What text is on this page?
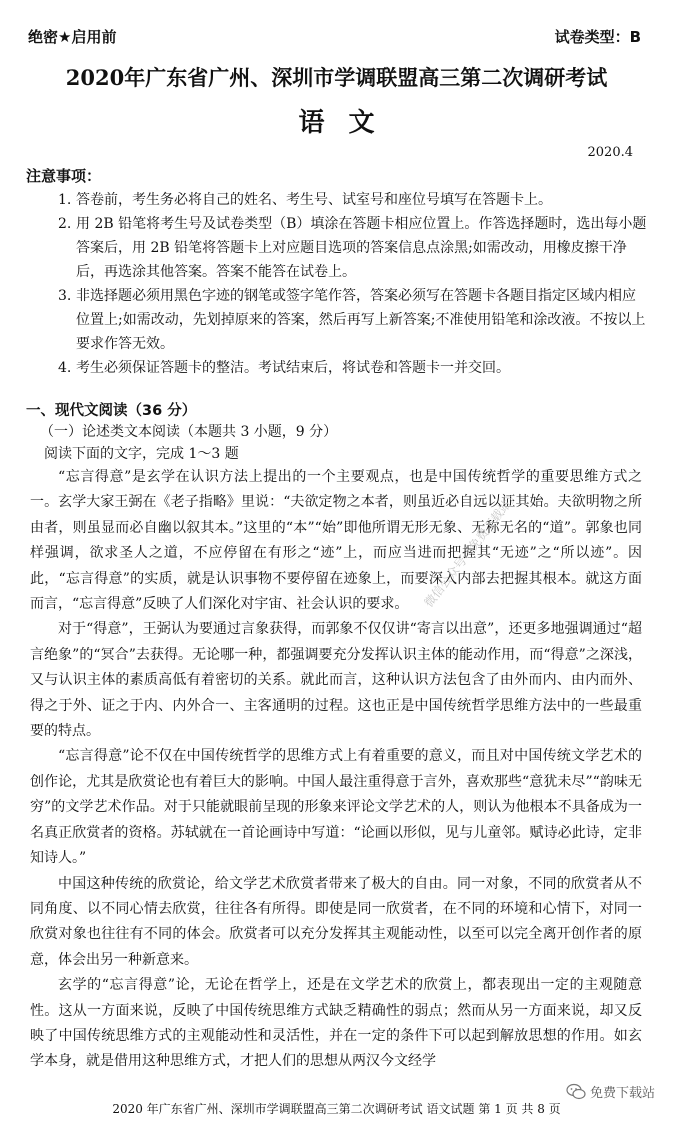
绝密★启用前	试卷类型：B
2020年广东省广州、深圳市学调联盟高三第二次调研考试
语文
2020.4
注意事项：
1. 答卷前，考生务必将自己的姓名、考生号、试室号和座位号填写在答题卡上。
2. 用 2B 铅笔将考生号及试卷类型（B）填涂在答题卡相应位置上。作答选择题时，选出每小题答案后，用 2B 铅笔将答题卡上对应题目选项的答案信息点涂黑;如需改动，用橡皮擦干净后，再选涂其他答案。答案不能答在试卷上。
3. 非选择题必须用黑色字迹的钢笔或签字笔作答，答案必须写在答题卡各题目指定区域内相应位置上;如需改动，先划掉原来的答案，然后再写上新答案;不准使用铅笔和涂改液。不按以上要求作答无效。
4. 考生必须保证答题卡的整洁。考试结束后，将试卷和答题卡一并交回。
一、现代文阅读（36 分）
（一）论述类文本阅读（本题共 3 小题，9 分）
阅读下面的文字，完成 1～3 题

“忘言得意”是玄学在认识方法上提出的一个主要观点，也是中国传统哲学的重要思维方式之一。玄学大家王弼在《老子指略》里说：“夫欲定物之本者，则虽近必自远以证其始。夫欲明物之所由者，则虽显而必自幽以叙其本。”这里的“本”“始”即他所谓无形无象、无称无名的“道”。郭象也同样强调，欲求圣人之道，不应停留在有形之“迹”上，而应当进而把握其“无迹”之“所以迹”。因此，“忘言得意”的实质，就是认识事物不要停留在迹象上，而要深入内部去把握其根本。就这方面而言，“忘言得意”反映了人们深化对宇宙、社会认识的要求。

对于“得意”，王弼认为要通过言象获得，而郭象不仅仅讲“寄言以出意”，还更多地强调通过“超言绝象”的“冥合”去获得。无论哪一种，都强调要充分发挥认识主体的能动作用，而“得意”之深浅，又与认识主体的素质高低有着密切的关系。就此而言，这种认识方法包含了由外而内、由内而外、得之于外、证之于内、内外合一、主客通明的过程。这也正是中国传统哲学思维方法中的一些最重要的特点。

“忘言得意”论不仅在中国传统哲学的思维方式上有着重要的意义，而且对中国传统文学艺术的创作论，尤其是欣赏论也有着巨大的影响。中国人最注重得意于言外，喜欢那些“意犹未尽”“韵味无穷”的文学艺术作品。对于只能就眼前呈现的形象来评论文学艺术的人，则认为他根本不具备成为一名真正欣赏者的资格。苏轼就在一首论画诗中写道：“论画以形似，见与儿童邻。赋诗必此诗，定非知诗人。”

中国这种传统的欣赏论，给文学艺术欣赏者带来了极大的自由。同一对象，不同的欣赏者从不同角度、以不同心情去欣赏，往往各有所得。即使是同一欣赏者，在不同的环境和心情下，对同一欣赏对象也往往有不同的体会。欣赏者可以充分发挥其主观能动性，以至可以完全离开创作者的原意，体会出另一种新意来。

玄学的“忘言得意”论，无论在哲学上，还是在文学艺术的欣赏上，都表现出一定的主观随意性。这从一方面来说，反映了中国传统思维方式缺乏精确性的弱点；然而从另一方面来说，却又反映了中国传统思维方式的主观能动性和灵活性，并在一定的条件下可以起到解放思想的作用。如玄学本身，就是借用这种思维方式，才把人们的思想从两汉今文经学

微信公众号《免费下载站》
免费下载站
2020 年广东省广州、深圳市学调联盟高三第二次调研考试 语文试题 第 1 页 共 8 页
